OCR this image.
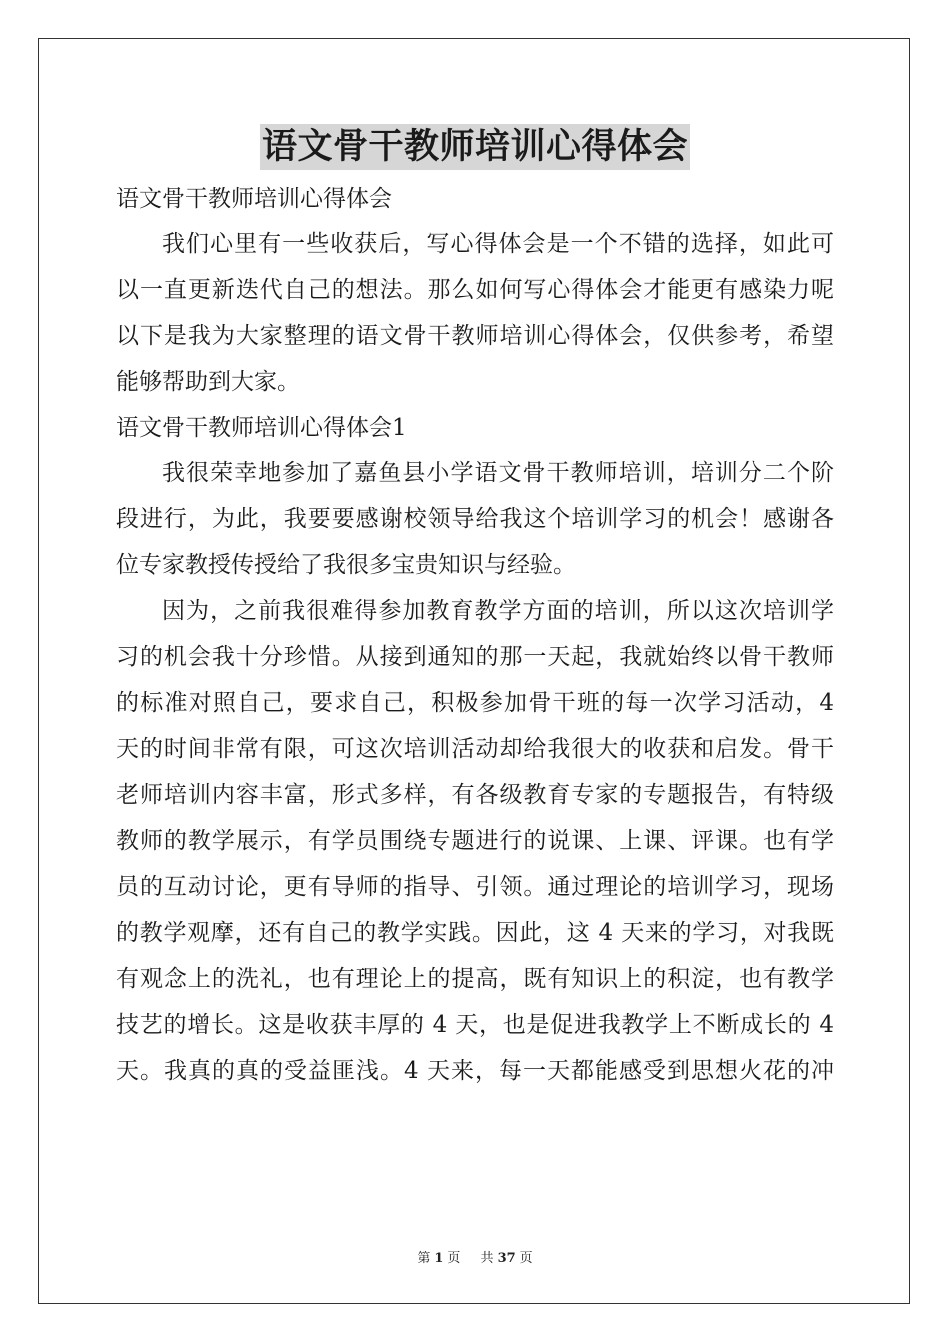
语文骨干教师培训心得体会
语文骨干教师培训心得体会
我们心里有一些收获后，写心得体会是一个不错的选择，如此可
以一直更新迭代自己的想法。那么如何写心得体会才能更有感染力呢
以下是我为大家整理的语文骨干教师培训心得体会，仅供参考，希望
能够帮助到大家。
语文骨干教师培训心得体会1
我很荣幸地参加了嘉鱼县小学语文骨干教师培训，培训分二个阶
段进行，为此，我要要感谢校领导给我这个培训学习的机会！感谢各
位专家教授传授给了我很多宝贵知识与经验。
因为，之前我很难得参加教育教学方面的培训，所以这次培训学
习的机会我十分珍惜。从接到通知的那一天起，我就始终以骨干教师
的标准对照自己，要求自己，积极参加骨干班的每一次学习活动，4
天的时间非常有限，可这次培训活动却给我很大的收获和启发。骨干
老师培训内容丰富，形式多样，有各级教育专家的专题报告，有特级
教师的教学展示，有学员围绕专题进行的说课、上课、评课。也有学
员的互动讨论，更有导师的指导、引领。通过理论的培训学习，现场
的教学观摩，还有自己的教学实践。因此，这 4 天来的学习，对我既
有观念上的洗礼，也有理论上的提高，既有知识上的积淀，也有教学
技艺的增长。这是收获丰厚的 4 天，也是促进我教学上不断成长的 4
天。我真的真的受益匪浅。4 天来，每一天都能感受到思想火花的冲
第 1 页 共 37 页
